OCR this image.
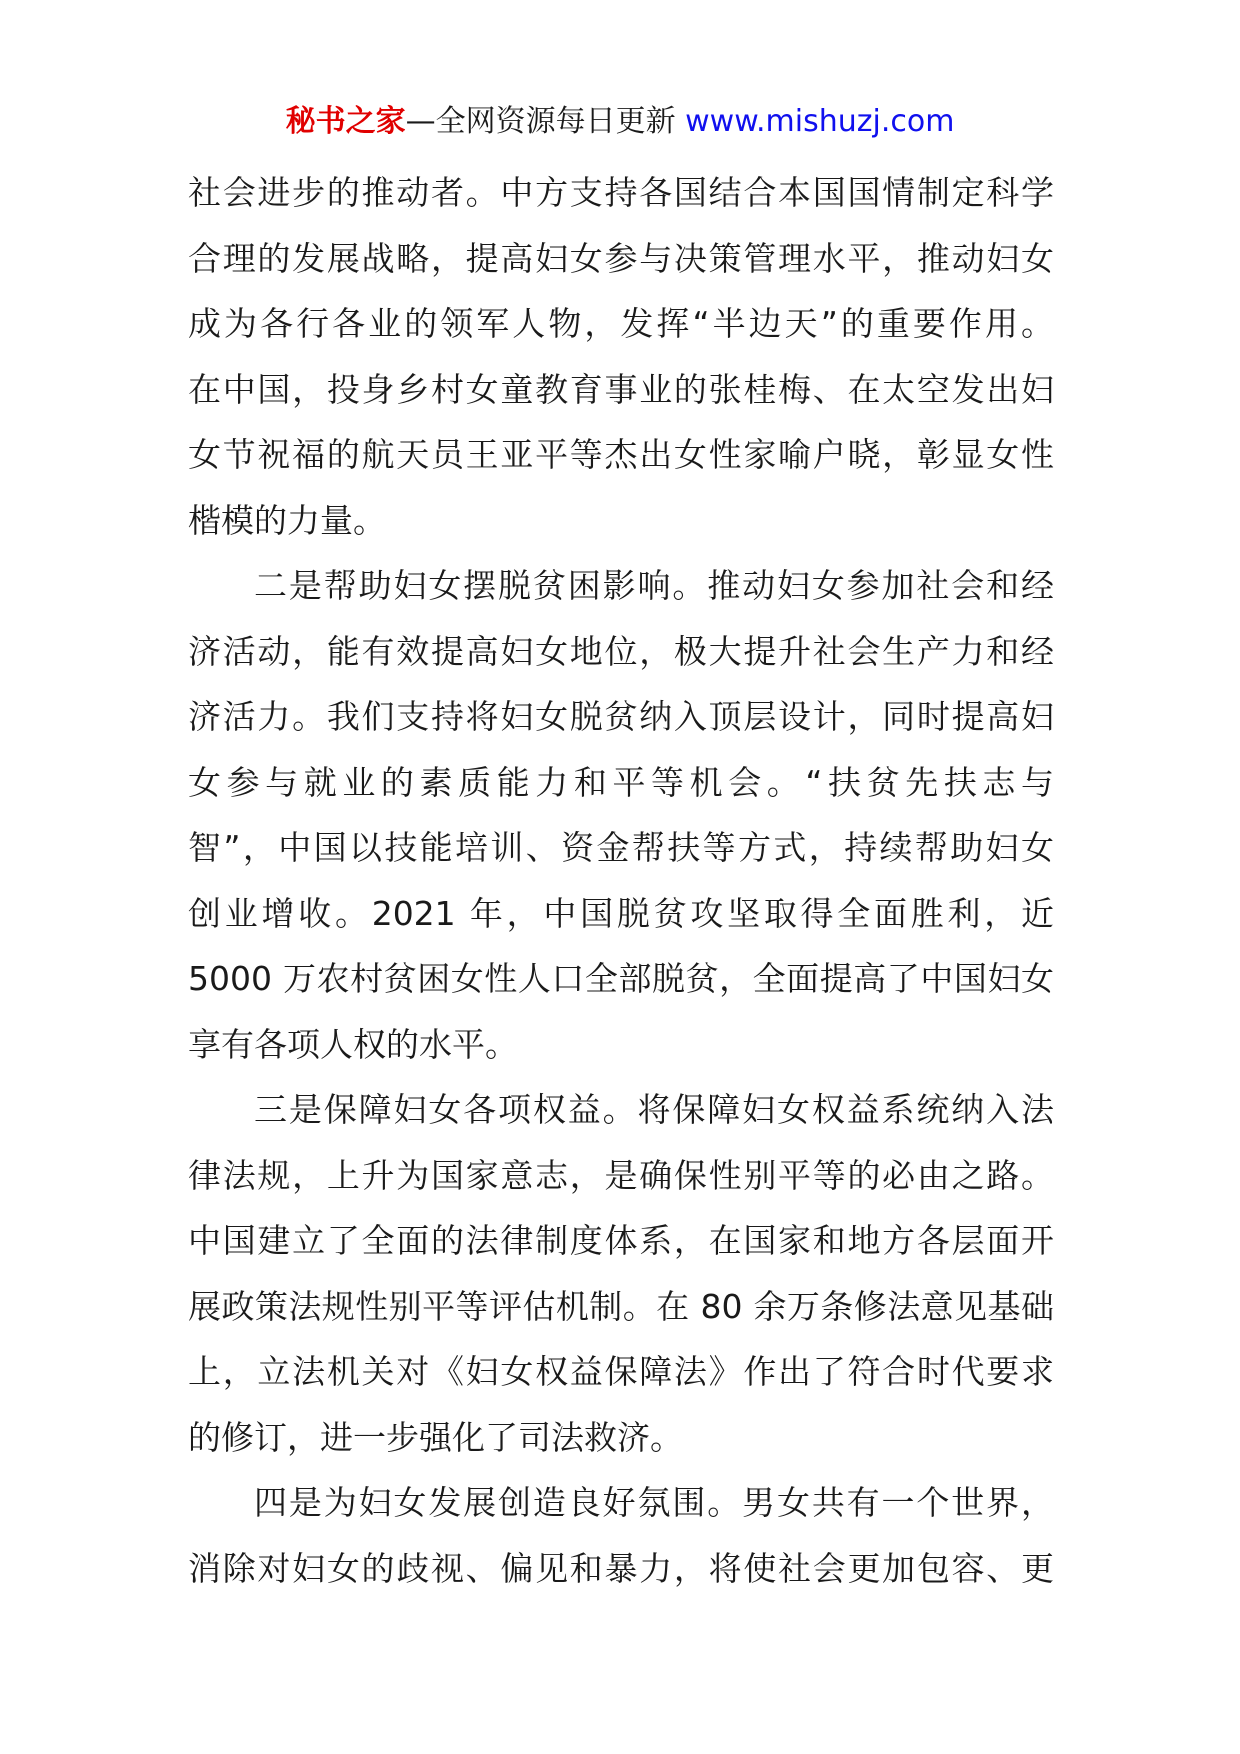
秘书之家—全网资源每日更新 www.mishuzj.com
社会进步的推动者。中方支持各国结合本国国情制定科学
合理的发展战略，提高妇女参与决策管理水平，推动妇女
成为各行各业的领军人物，发挥“半边天”的重要作用。
在中国，投身乡村女童教育事业的张桂梅、在太空发出妇
女节祝福的航天员王亚平等杰出女性家喻户晓，彰显女性
楷模的力量。
二是帮助妇女摆脱贫困影响。推动妇女参加社会和经
济活动，能有效提高妇女地位，极大提升社会生产力和经
济活力。我们支持将妇女脱贫纳入顶层设计，同时提高妇
女参与就业的素质能力和平等机会。“扶贫先扶志与
智”，中国以技能培训、资金帮扶等方式，持续帮助妇女
创业增收。2021 年，中国脱贫攻坚取得全面胜利，近
5000 万农村贫困女性人口全部脱贫，全面提高了中国妇女
享有各项人权的水平。
三是保障妇女各项权益。将保障妇女权益系统纳入法
律法规，上升为国家意志，是确保性别平等的必由之路。
中国建立了全面的法律制度体系，在国家和地方各层面开
展政策法规性别平等评估机制。在 80 余万条修法意见基础
上，立法机关对《妇女权益保障法》作出了符合时代要求
的修订，进一步强化了司法救济。
四是为妇女发展创造良好氛围。男女共有一个世界，
消除对妇女的歧视、偏见和暴力，将使社会更加包容、更
